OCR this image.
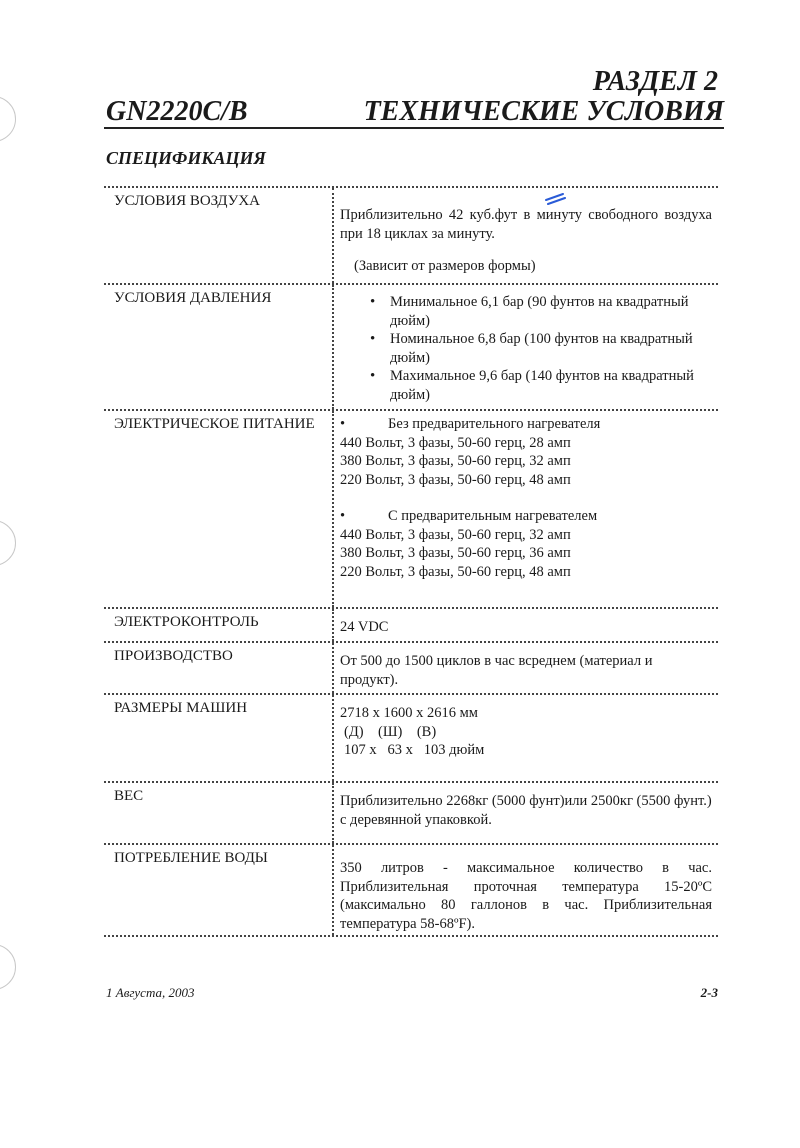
РАЗДЕЛ 2
GN2220C/B	ТЕХНИЧЕСКИЕ УСЛОВИЯ
СПЕЦИФИКАЦИЯ
УСЛОВИЯ ВОЗДУХА

Приблизительно 42 куб.фут в минуту свободного воздуха при 18 циклах за минуту.

(Зависит от размеров формы)

УСЛОВИЯ ДАВЛЕНИЯ
•	Минимальное 6,1 бар (90 фунтов на квадратный дюйм)
• Номинальное 6,8 бар (100 фунтов на квадратный дюйм)
• Махимальное 9,6 бар (140 фунтов на квадратный дюйм)
ЭЛЕКТРИЧЕСКОЕ ПИТАНИЕ	•	Без предварительного нагревателя

440 Вольт, 3 фазы, 50-60 герц, 28 амп

380 Вольт, 3 фазы, 50-60 герц, 32 амп

220 Вольт, 3 фазы, 50-60 герц, 48 амп

•	С предварительным нагревателем

440 Вольт, 3 фазы, 50-60 герц, 32 амп

380 Вольт, 3 фазы, 50-60 герц, 36 амп

220 Вольт, 3 фазы, 50-60 герц, 48 амп

ЭЛЕКТРОКОНТРОЛЬ	24 VDC

ПРОИЗВОДСТВО	От 500 до 1500 циклов в час всреднем (материал и продукт).

РАЗМЕРЫ МАШИН	2718 x 1600 x 2616 мм

(Д)    (Ш)    (В)

107 x   63 x   103 дюйм

ВЕС	Приблизительно 2268кг (5000 фунт)или 2500кг (5500 фунт.) с деревянной упаковкой.

ПОТРЕБЛЕНИЕ ВОДЫ

350 литров - максимальное количество в час. Приблизительная проточная температура 15-20ºC (максимально 80 галлонов в час. Приблизительная температура 58-68ºF).

1 Августа, 2003	2-3
